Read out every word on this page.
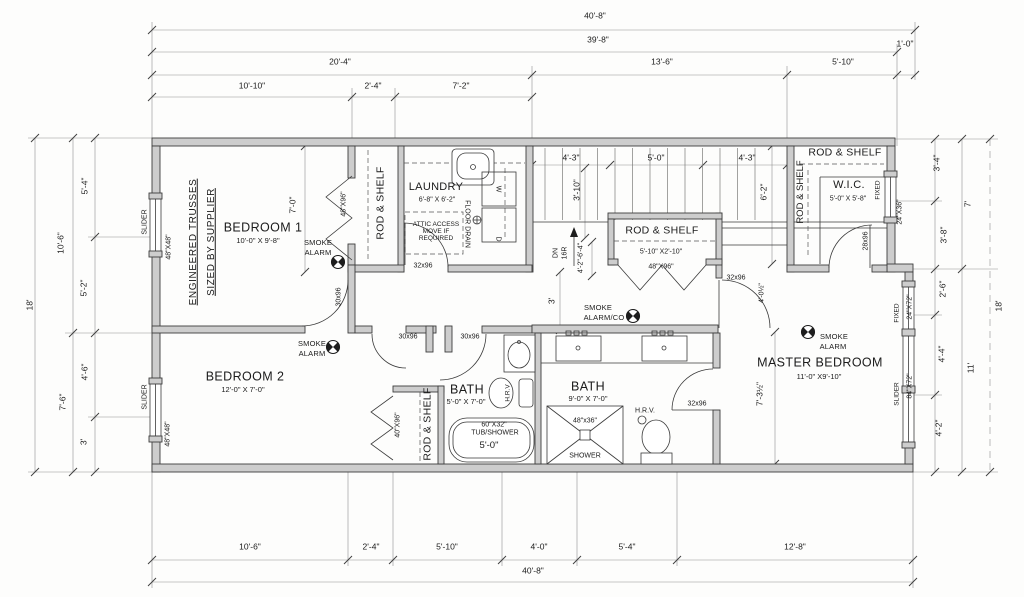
40'-8"
39'-8"
20'-4"	13'-6"	5'-10"
1'-0"
10'-10"	2'-4"	7'-2"
10'-6"	2'-4"	5'-10"	4'-0"	5'-4"	12'-8"
40'-8"
18'
10'-6"
7'-6"
5'-4"
5'-2"
4'-6"
3'
3'-4"
3'-8"
2'-6"
4'-4"
4'-2"
7'
11'
18'
BEDROOM 1
10'-0" X 9'-8"
BEDROOM 2
12'-0" X 7'-0"
LAUNDRY
6'-8" X 6'-2"
BATH
5'-0" X 7'-0"
BATH
9'-0" X 7'-0"
MASTER BEDROOM
11'-0" X9'-10"
W.I.C.
5'-0" X 5'-8"
ROD & SHELF
5'-10" X2'-10"
ROD & SHELF
ROD & SHELF
ROD & SHELF
ROD & SHELF
ENGINEERED TRUSSES SIZED BY SUPPLIER	SMOKE
ALARM
SMOKE
ALARM
SMOKE
ALARM/CO
SMOKE
ALARM
ATTIC ACCESS MOVE IF REQUIRED	FLOOR DRAIN
W
D
60"X32"
TUB/SHOWER
5'-0"
48"x36"
SHOWER
H.R.V
H.R.V.
DN 16R
4'-3"	5'-0"	4'-3"
3'-10"	6'-2"
4'-2"-6'-4"
3'	4'-0½"
7'-3½"
7'-0"
SLIDER
48"X48"
SLIDER
48"X48"
48"X96"
30x96
32x96
30x96	30x96
40"X96"
48"X96"
32x96
32x96
28x96
FIXED
24"X36"
FIXED 24"X72"
SLIDER 84"X72"
